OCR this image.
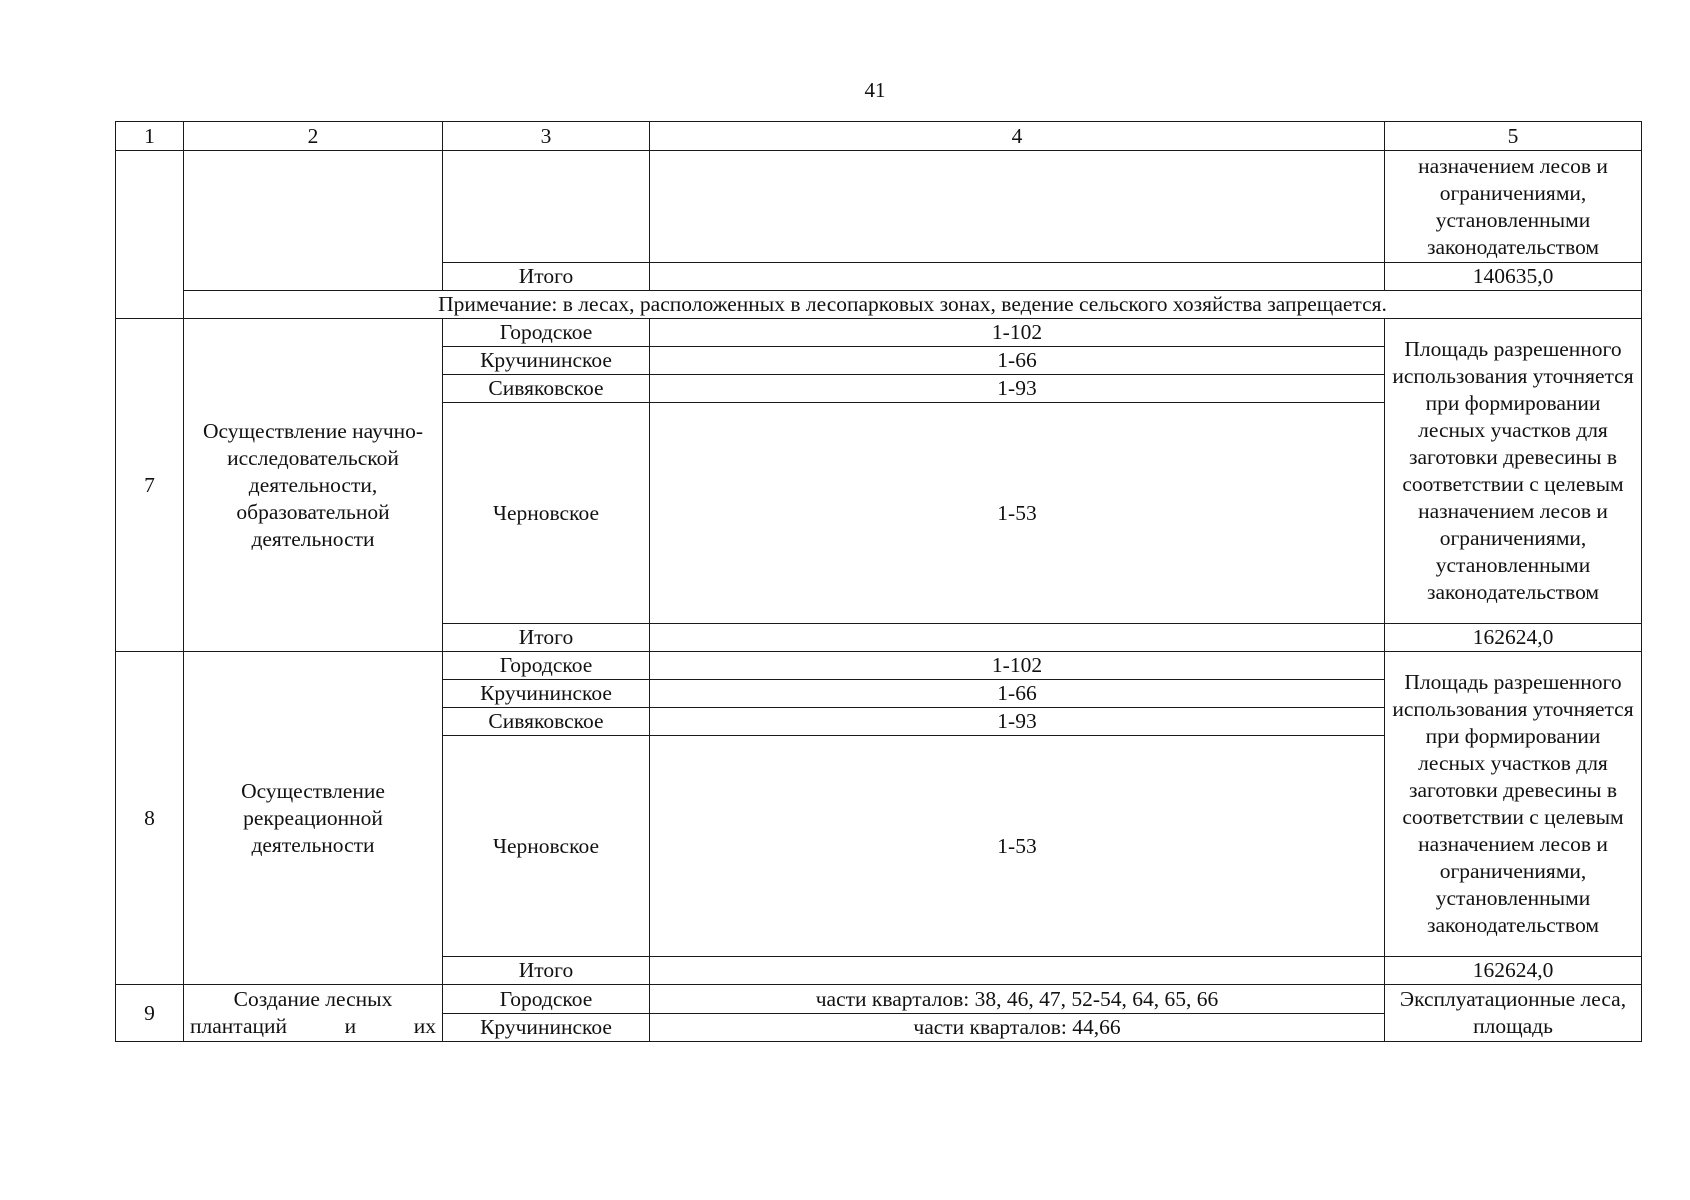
41
1	2	3	4	5
				назначением лесов и ограничениями, установленными законодательством
		Итого		140635,0
	Примечание: в лесах, расположенных в лесопарковых зонах, ведение сельского хозяйства запрещается.			
7	Осуществление научно-исследовательской деятельности, образовательной деятельности	Городское	1-102	Площадь разрешенного использования уточняется при формировании лесных участков для заготовки древесины в соответствии с целевым назначением лесов и ограничениями, установленными законодательством
		Кручининское	1-66	
		Сивяковское	1-93	
		Черновское	1-53	
		Итого		162624,0
8	Осуществление рекреационной деятельности	Городское	1-102	Площадь разрешенного использования уточняется при формировании лесных участков для заготовки древесины в соответствии с целевым назначением лесов и ограничениями, установленными законодательством
		Кручининское	1-66	
		Сивяковское	1-93	
		Черновское	1-53	
		Итого		162624,0
9	Создание лесных плантаций и их	Городское	части кварталов: 38, 46, 47, 52-54, 64, 65, 66	Эксплуатационные леса, площадь
		Кручининское	части кварталов: 44,66	
